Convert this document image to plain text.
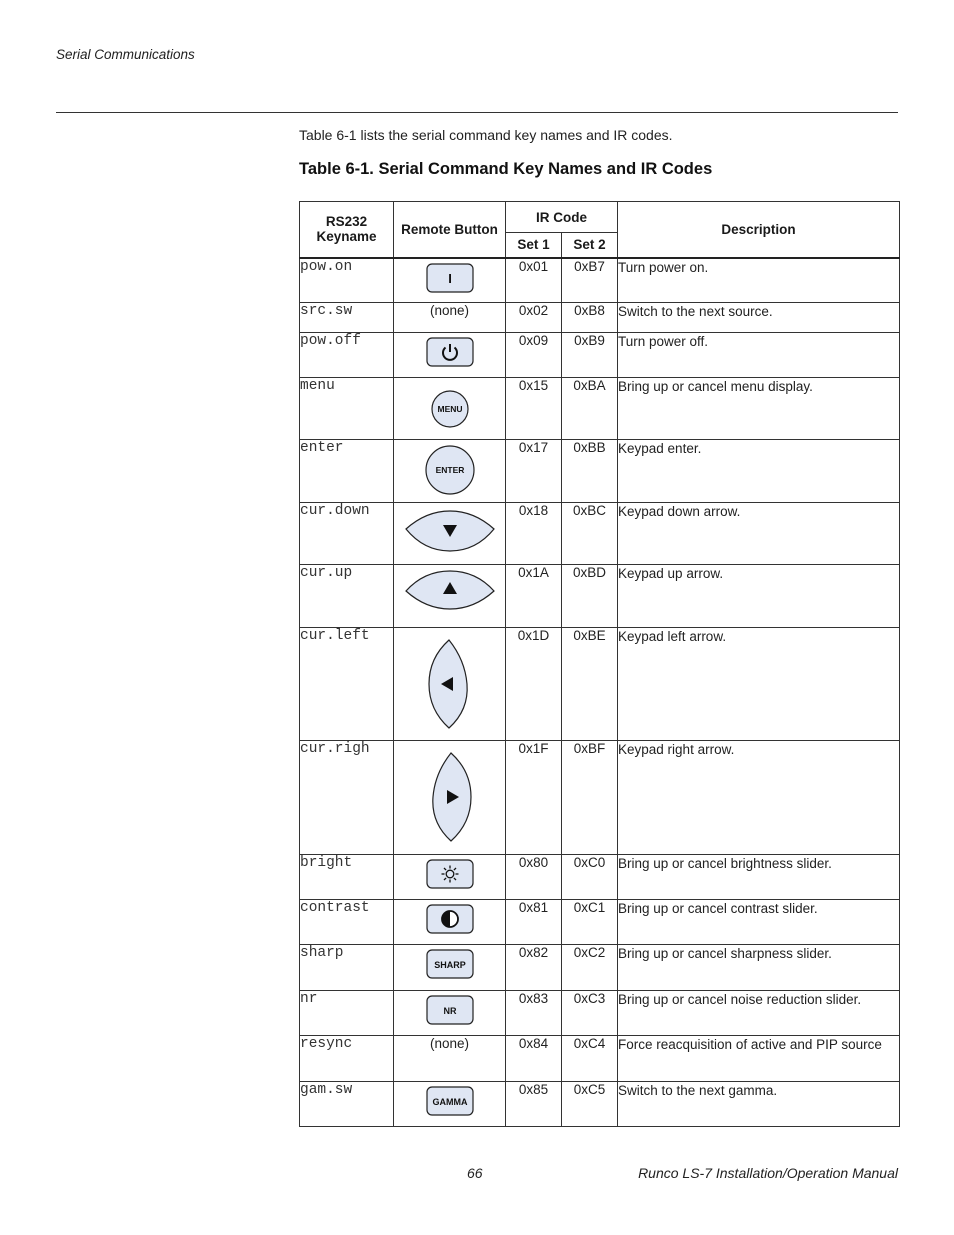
Serial Communications
Table 6-1 lists the serial command key names and IR codes.
Table 6-1. Serial Command Key Names and IR Codes
RS232 Keyname	Remote Button	IR Code		Description
		Set 1	Set 2	
pow.on	I	0x01	0xB7	Turn power on.
src.sw	(none)	0x02	0xB8	Switch to the next source.
pow.off		0x09	0xB9	Turn power off.
menu	MENU	0x15	0xBA	Bring up or cancel menu display.
enter	ENTER	0x17	0xBB	Keypad enter.
cur.down		0x18	0xBC	Keypad down arrow.
cur.up		0x1A	0xBD	Keypad up arrow.
cur.left		0x1D	0xBE	Keypad left arrow.
cur.righ		0x1F	0xBF	Keypad right arrow.
bright		0x80	0xC0	Bring up or cancel brightness slider.
contrast		0x81	0xC1	Bring up or cancel contrast slider.
sharp	SHARP	0x82	0xC2	Bring up or cancel sharpness slider.
nr	NR	0x83	0xC3	Bring up or cancel noise reduction slider.
resync	(none)	0x84	0xC4	Force reacquisition of active and PIP source
gam.sw	GAMMA	0x85	0xC5	Switch to the next gamma.
66	Runco LS-7 Installation/Operation Manual
